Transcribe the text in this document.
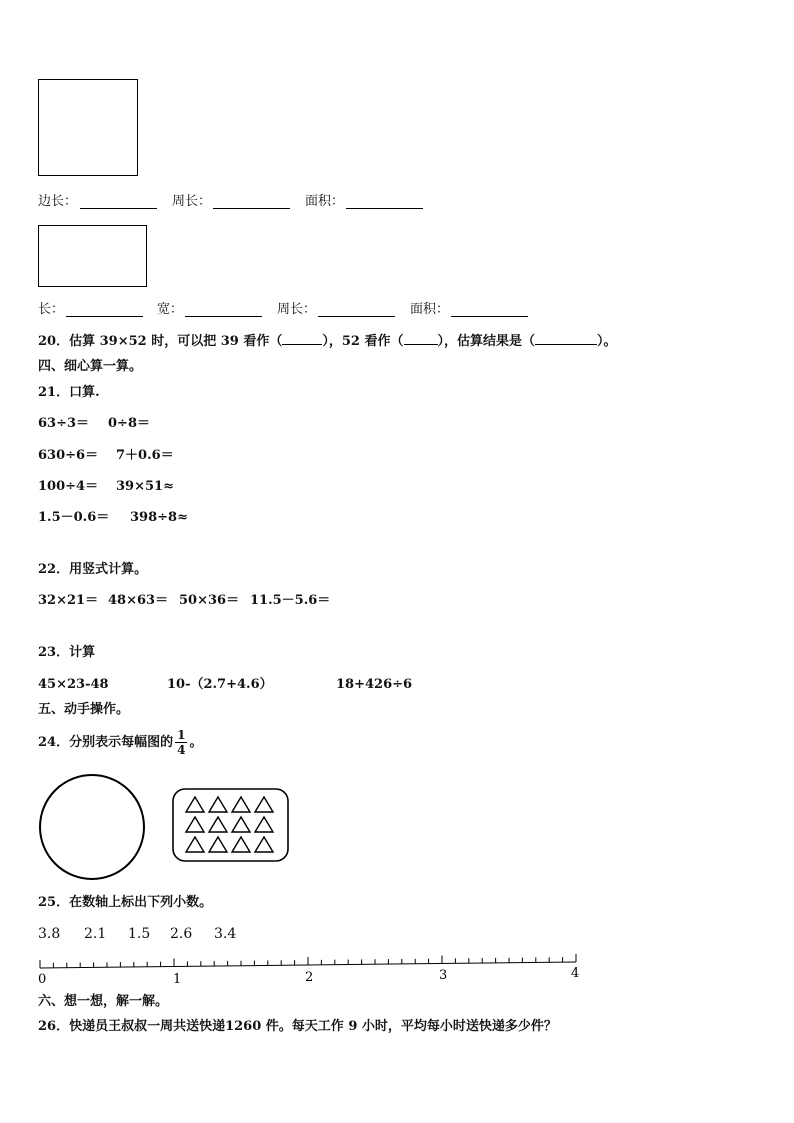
边长：	周长：	面积：
长：	宽：	周长：	面积：
20．估算 39×52 时，可以把 39 看作（	），52 看作（	），估算结果是（	）。
四、细心算一算。
21．口算.
63÷3＝ 0÷8＝
630÷6＝ 7＋0.6＝
100÷4＝ 39×51≈
1.5－0.6＝ 398÷8≈
22．用竖式计算。
32×21＝ 48×63＝ 50×36＝ 11.5－5.6＝
23．计算
45×23-48	10-（2.7+4.6）	18+426÷6
五、动手操作。
24．分别表示每幅图的 $\frac{1}{4}$ 。
25．在数轴上标出下列小数。
3.8 2.1 1.5 2.6 3.4
0	1	2	3	4
六、想一想，解一解。
26．快递员王叔叔一周共送快递1260 件。每天工作 9 小时，平均每小时送快递多少件？
